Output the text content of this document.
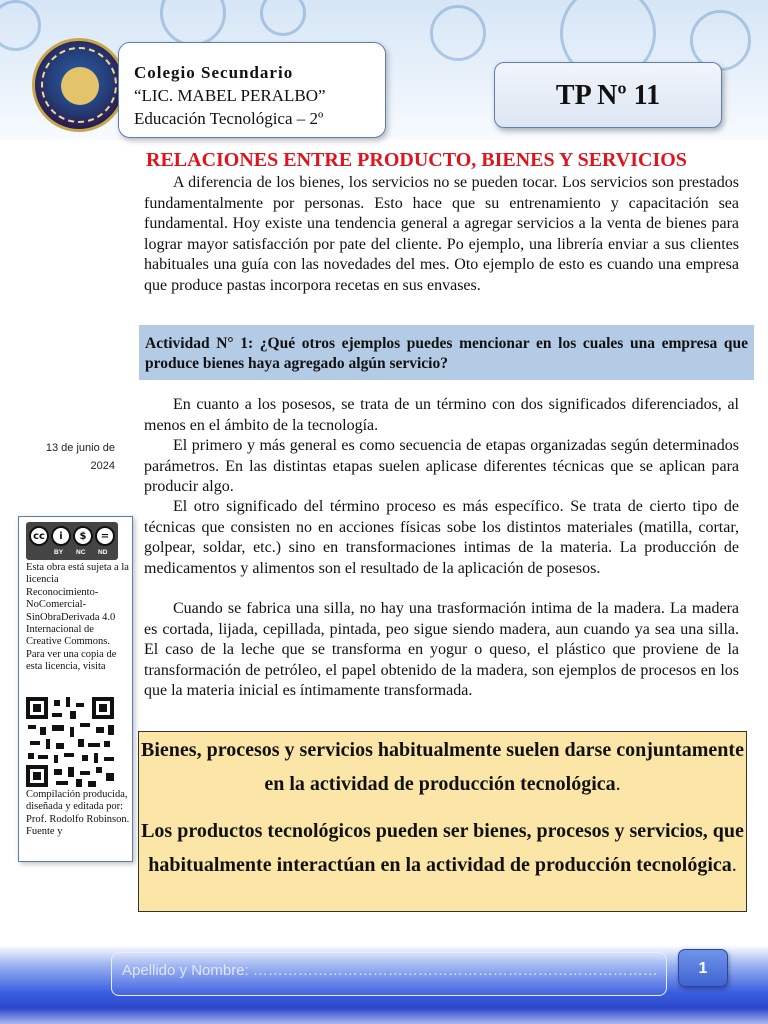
Colegio Secundario
“LIC. MABEL PERALBO”
Educación Tecnológica – 2º
TP Nº 11
RELACIONES ENTRE PRODUCTO, BIENES Y SERVICIOS
A diferencia de los bienes, los servicios no se pueden tocar. Los servicios son prestados fundamentalmente por personas. Esto hace que su entrenamiento y capacitación sea fundamental. Hoy existe una tendencia general a agregar servicios a la venta de bienes para lograr mayor satisfacción por pate del cliente. Po ejemplo, una librería enviar a sus clientes habituales una guía con las novedades del mes. Oto ejemplo de esto es cuando una empresa que produce pastas incorpora recetas en sus envases.
Actividad N° 1: ¿Qué otros ejemplos puedes mencionar en los cuales una empresa que produce bienes haya agregado algún servicio?
En cuanto a los posesos, se trata de un término con dos significados diferenciados, al menos en el ámbito de la tecnología.
El primero y más general es como secuencia de etapas organizadas según determinados parámetros. En las distintas etapas suelen aplicase diferentes técnicas que se aplican para producir algo.
El otro significado del término proceso es más específico. Se trata de cierto tipo de técnicas que consisten no en acciones físicas sobe los distintos materiales (matilla, cortar, golpear, soldar, etc.) sino en transformaciones intimas de la materia. La producción de medicamentos y alimentos son el resultado de la aplicación de posesos.
Cuando se fabrica una silla, no hay una trasformación intima de la madera. La madera es cortada, lijada, cepillada, pintada, peo sigue siendo madera, aun cuando ya sea una silla. El caso de la leche que se transforma en yogur o queso, el plástico que proviene de la transformación de petróleo, el papel obtenido de la madera, son ejemplos de procesos en los que la materia inicial es íntimamente transformada.
13 de junio de 2024
cc	i	$	=
BY NC ND
Esta obra está sujeta a la licencia Reconocimiento-NoComercial-SinObraDerivada 4.0 Internacional de Creative Commons. Para ver una copia de esta licencia, visita
Compilación producida, diseñada y editada por: Prof. Rodolfo Robinson. Fuente y

Bienes, procesos y servicios habitualmente suelen darse conjuntamente en la actividad de producción tecnológica.

Los productos tecnológicos pueden ser bienes, procesos y servicios, que habitualmente interactúan en la actividad de producción tecnológica.

Apellido y Nombre: ………………………………………………………………………	1
